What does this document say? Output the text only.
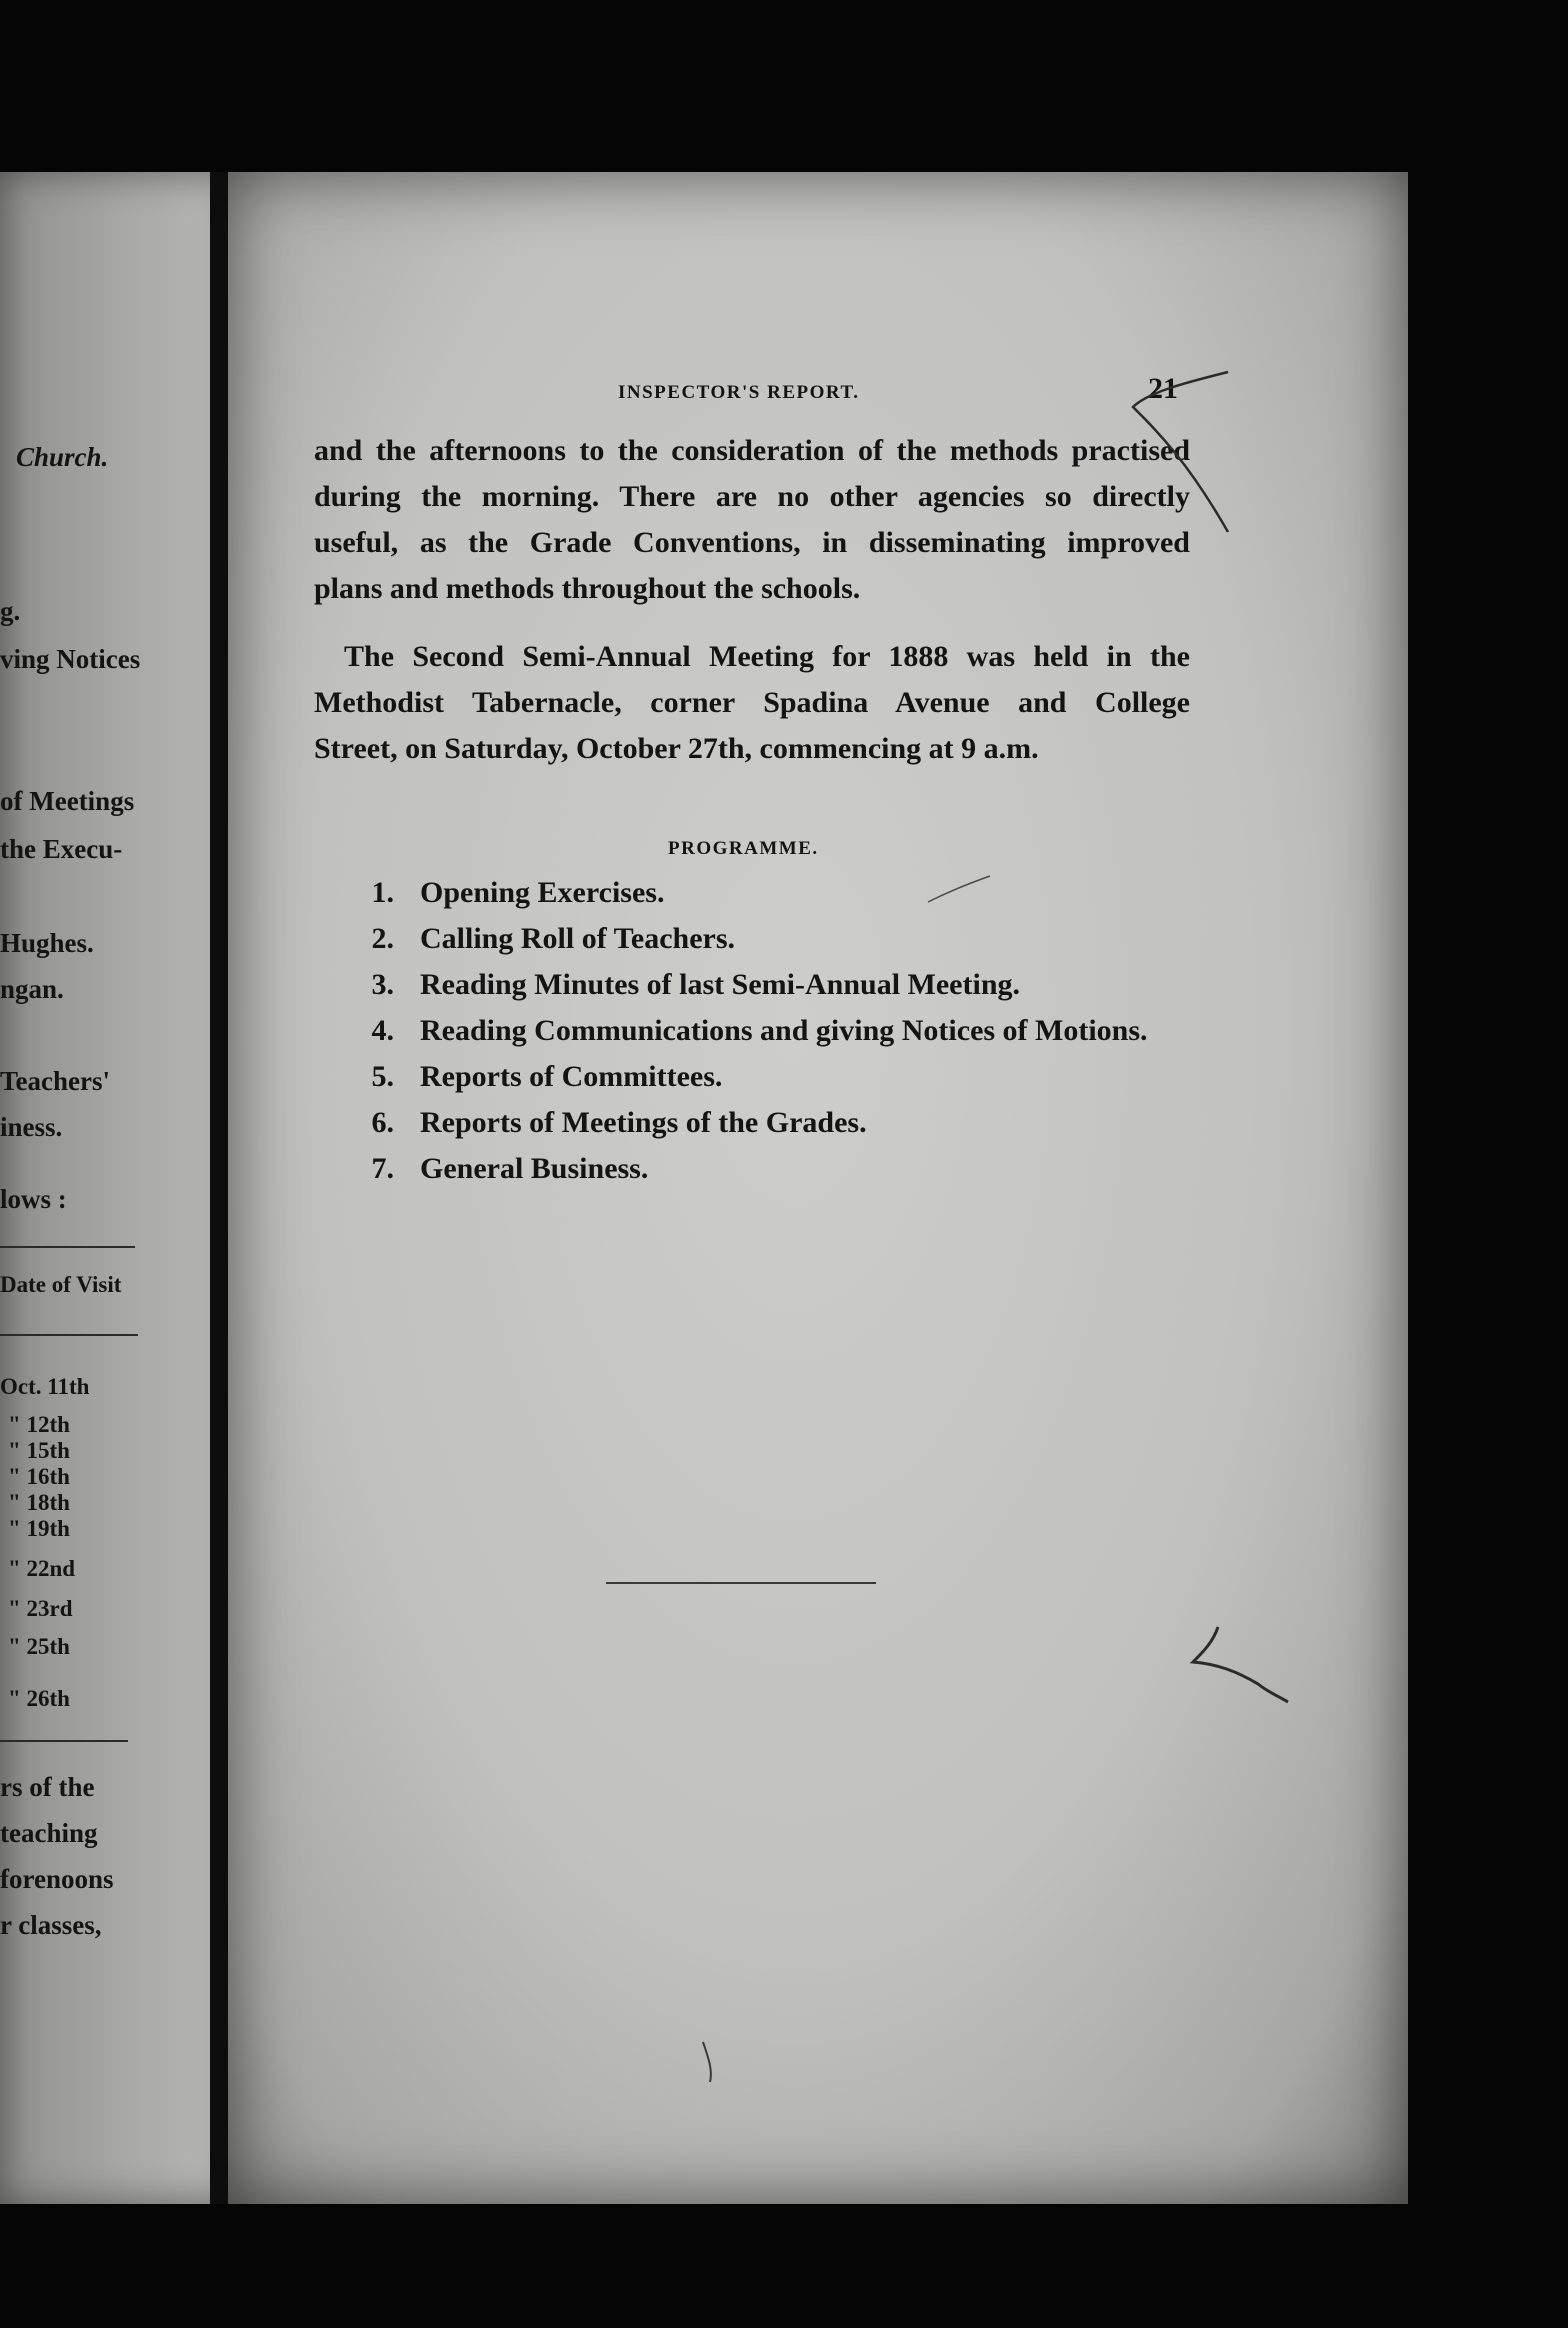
Church.
g.
ving Notices
of Meetings
the Execu-
Hughes.
ngan.
Teachers'
iness.
lows :
Date of Visit
Oct. 11th
" 12th
" 15th
" 16th
" 18th
" 19th
" 22nd
" 23rd
" 25th
" 26th
rs of the
teaching
forenoons
r classes,
INSPECTOR'S REPORT.	21
and the afternoons to the consideration of the methods practised
during the morning. There are no other agencies so directly
useful, as the Grade Conventions, in disseminating improved
plans and methods throughout the schools.
The Second Semi-Annual Meeting for 1888 was held in the
Methodist Tabernacle, corner Spadina Avenue and College
Street, on Saturday, October 27th, commencing at 9 a.m.
PROGRAMME.
1. Opening Exercises.
2. Calling Roll of Teachers.
3. Reading Minutes of last Semi-Annual Meeting.
4. Reading Communications and giving Notices of Motions.
5. Reports of Committees.
6. Reports of Meetings of the Grades.
7. General Business.
